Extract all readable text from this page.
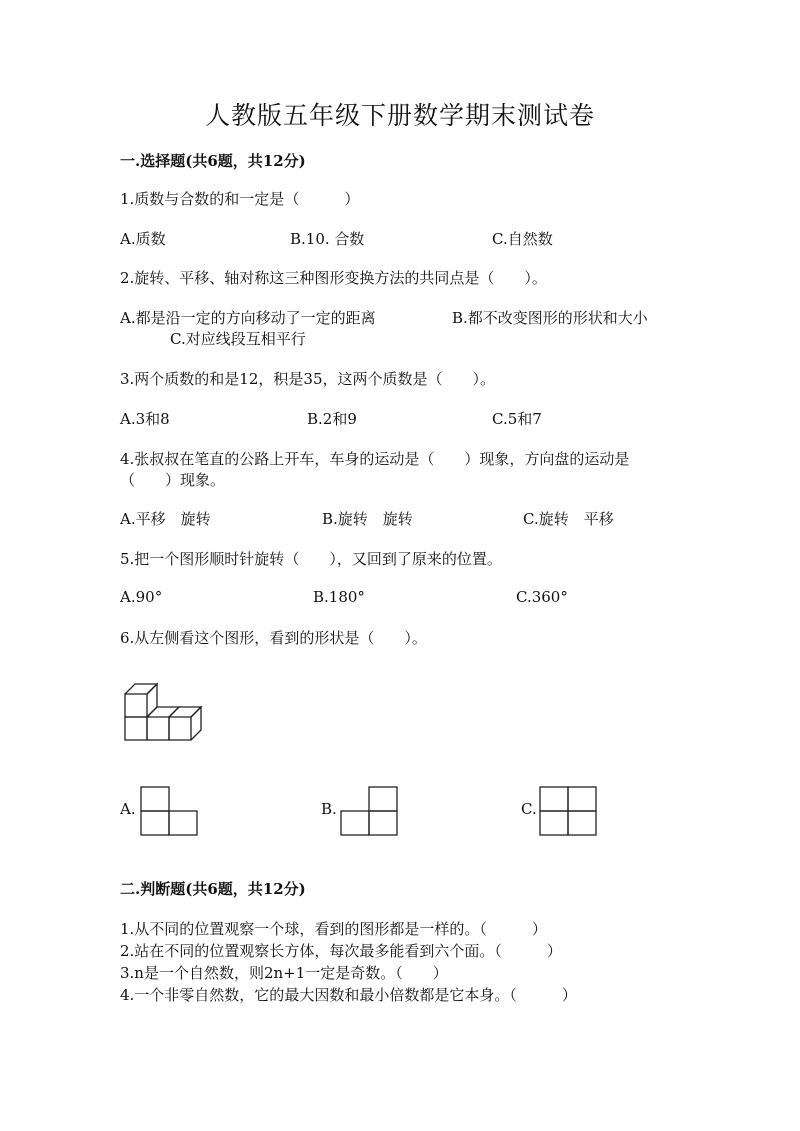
人教版五年级下册数学期末测试卷
一.选择题(共6题，共12分)
1.质数与合数的和一定是（　　　）
A.质数	B.10. 合数	C.自然数
2.旋转、平移、轴对称这三种图形变换方法的共同点是（　　）。
A.都是沿一定的方向移动了一定的距离	B.都不改变图形的形状和大小
C.对应线段互相平行
3.两个质数的和是12，积是35，这两个质数是（　　）。
A.3和8	B.2和9	C.5和7
4.张叔叔在笔直的公路上开车，车身的运动是（　　）现象，方向盘的运动是
（　　）现象。
A.平移　旋转	B.旋转　旋转	C.旋转　平移
5.把一个图形顺时针旋转（　　），又回到了原来的位置。
A.90°	B.180°	C.360°
6.从左侧看这个图形，看到的形状是（　　）。
A.	B.	C.
二.判断题(共6题，共12分)
1.从不同的位置观察一个球，看到的图形都是一样的。（　　　）
2.站在不同的位置观察长方体，每次最多能看到六个面。（　　　）
3.n是一个自然数，则2n+1一定是奇数。（　　）
4.一个非零自然数，它的最大因数和最小倍数都是它本身。（　　　）
